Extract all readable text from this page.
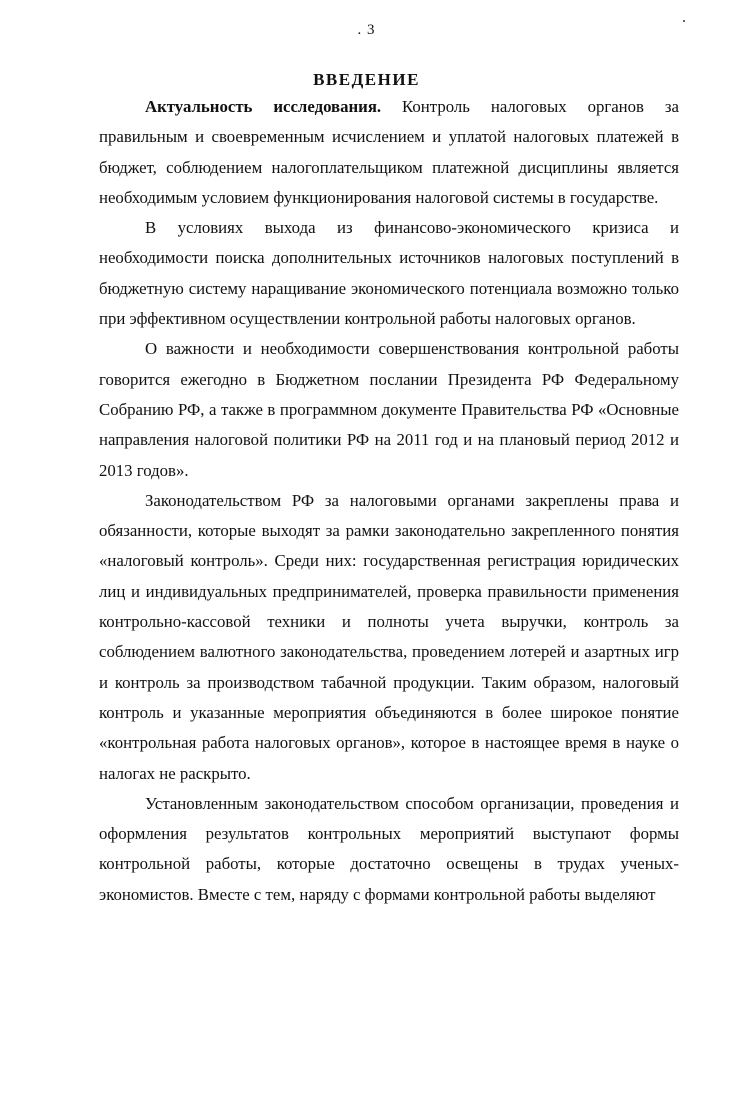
. 3
ВВЕДЕНИЕ

Актуальность исследования. Контроль налоговых органов за правильным и своевременным исчислением и уплатой налоговых платежей в бюджет, соблюдением налогоплательщиком платежной дисциплины является необходимым условием функционирования налоговой системы в государстве.

В условиях выхода из финансово-экономического кризиса и необходимости поиска дополнительных источников налоговых поступлений в бюджетную систему наращивание экономического потенциала возможно только при эффективном осуществлении контрольной работы налоговых органов.

О важности и необходимости совершенствования контрольной работы говорится ежегодно в Бюджетном послании Президента РФ Федеральному Собранию РФ, а также в программном документе Правительства РФ «Основные направления налоговой политики РФ на 2011 год и на плановый период 2012 и 2013 годов».

Законодательством РФ за налоговыми органами закреплены права и обязанности, которые выходят за рамки законодательно закрепленного понятия «налоговый контроль». Среди них: государственная регистрация юридических лиц и индивидуальных предпринимателей, проверка правильности применения контрольно-кассовой техники и полноты учета выручки, контроль за соблюдением валютного законодательства, проведением лотерей и азартных игр и контроль за производством табачной продукции. Таким образом, налоговый контроль и указанные мероприятия объединяются в более широкое понятие «контрольная работа налоговых органов», которое в настоящее время в науке о налогах не раскрыто.

Установленным законодательством способом организации, проведения и оформления результатов контрольных мероприятий выступают формы контрольной работы, которые достаточно освещены в трудах ученых-экономистов. Вместе с тем, наряду с формами контрольной работы выделяют
